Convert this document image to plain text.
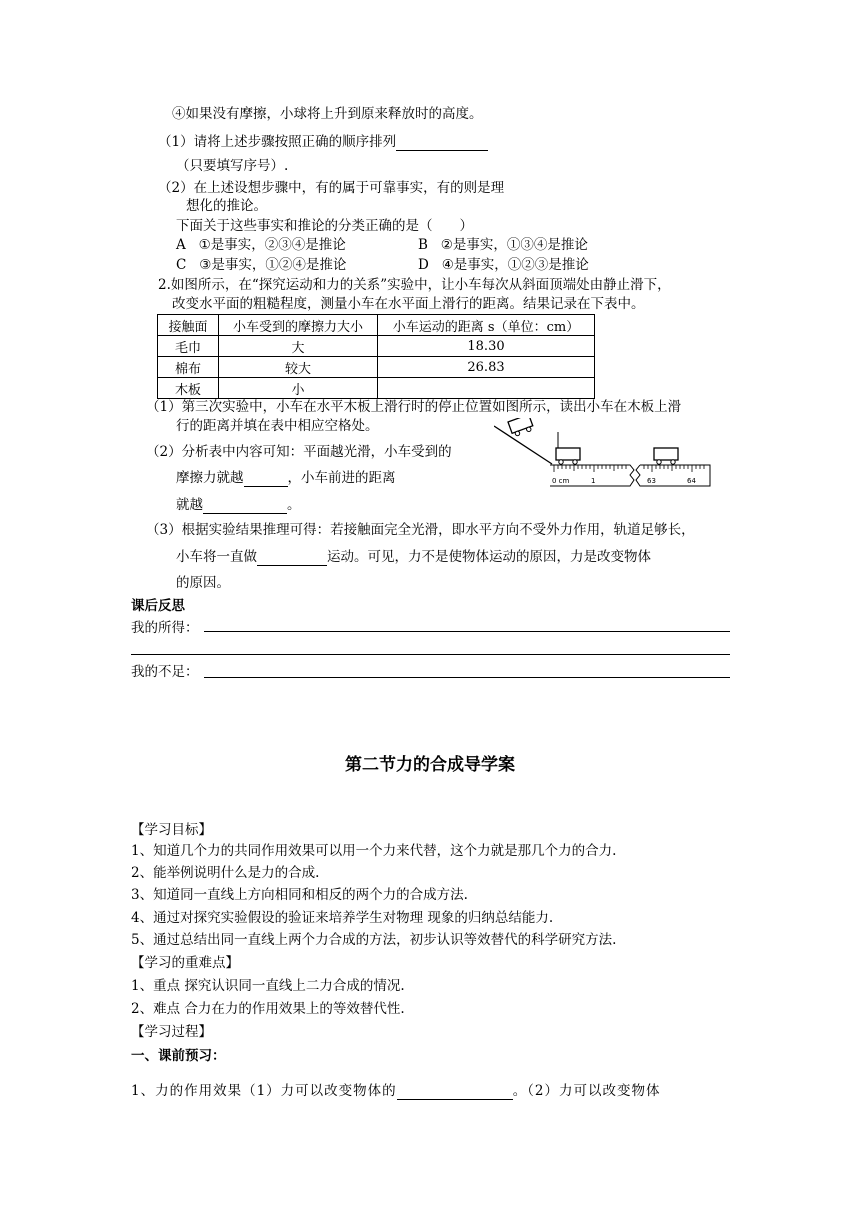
④如果没有摩擦，小球将上升到原来释放时的高度。
（1）请将上述步骤按照正确的顺序排列
（只要填写序号）.
（2）在上述设想步骤中，有的属于可靠事实，有的则是理
想化的推论。
下面关于这些事实和推论的分类正确的是（　　）
A ①是事实，②③④是推论	B ②是事实，①③④是推论
C ③是事实，①②④是推论	D ④是事实，①②③是推论
2.如图所示，在“探究运动和力的关系”实验中，让小车每次从斜面顶端处由静止滑下，
改变水平面的粗糙程度，测量小车在水平面上滑行的距离。结果记录在下表中。
接触面	小车受到的摩擦力大小	小车运动的距离 s（单位：cm）
毛巾	大	18.30
棉布	较大	26.83
木板	小	
（1）第三次实验中，小车在水平木板上滑行时的停止位置如图所示，读出小车在木板上滑
行的距离并填在表中相应空格处。
（2）分析表中内容可知：平面越光滑，小车受到的
摩擦力就越	，小车前进的距离
就越	。
（3）根据实验结果推理可得：若接触面完全光滑，即水平方向不受外力作用，轨道足够长，
小车将一直做	运动。可见，力不是使物体运动的原因，力是改变物体
的原因。
0 cm	1	63	64
课后反思
我的所得：
我的不足：
第二节力的合成导学案
【学习目标】
1、知道几个力的共同作用效果可以用一个力来代替，这个力就是那几个力的合力.
2、能举例说明什么是力的合成.
3、知道同一直线上方向相同和相反的两个力的合成方法.
4、通过对探究实验假设的验证来培养学生对物理 现象的归纳总结能力.
5、通过总结出同一直线上两个力合成的方法，初步认识等效替代的科学研究方法.
【学习的重难点】
1、重点 探究认识同一直线上二力合成的情况.
2、难点 合力在力的作用效果上的等效替代性.
【学习过程】
一、课前预习：
1、力的作用效果（1）力可以改变物体的	。（2）力可以改变物体
